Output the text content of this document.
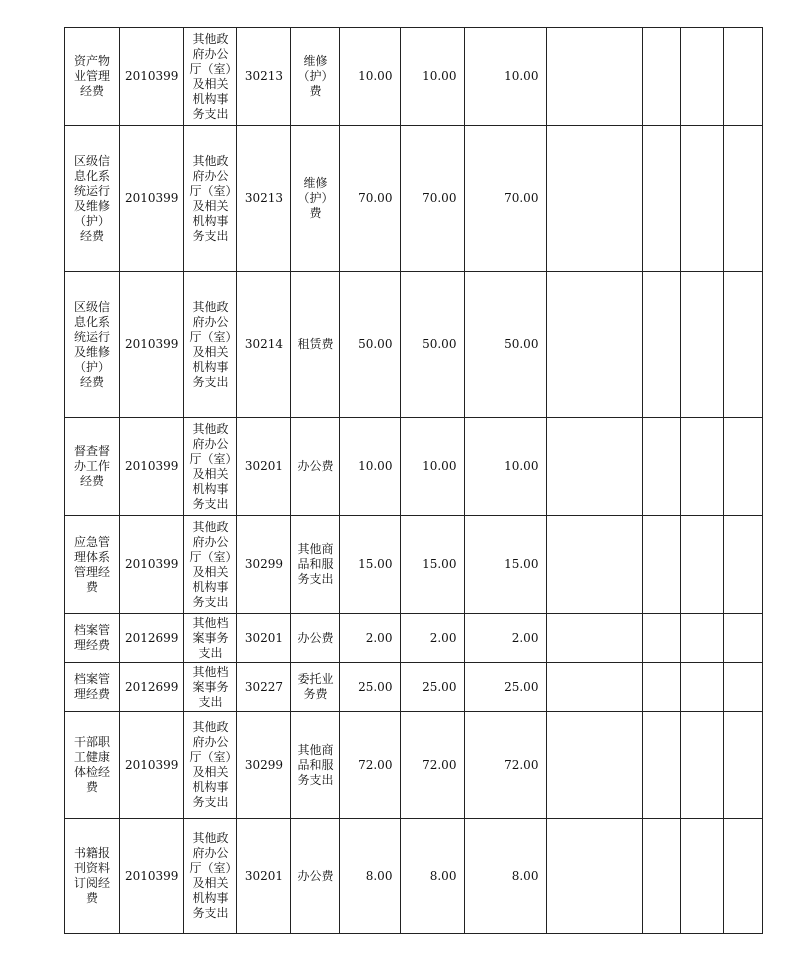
资产物业管理经费	2010399	其他政府办公厅（室）及相关机构事务支出	30213	维修（护）费	10.00	10.00	10.00				
区级信息化系统运行及维修（护）经费	2010399	其他政府办公厅（室）及相关机构事务支出	30213	维修（护）费	70.00	70.00	70.00				
区级信息化系统运行及维修（护）经费	2010399	其他政府办公厅（室）及相关机构事务支出	30214	租赁费	50.00	50.00	50.00				
督查督办工作经费	2010399	其他政府办公厅（室）及相关机构事务支出	30201	办公费	10.00	10.00	10.00				
应急管理体系管理经费	2010399	其他政府办公厅（室）及相关机构事务支出	30299	其他商品和服务支出	15.00	15.00	15.00				
档案管理经费	2012699	其他档案事务支出	30201	办公费	2.00	2.00	2.00				
档案管理经费	2012699	其他档案事务支出	30227	委托业务费	25.00	25.00	25.00				
干部职工健康体检经费	2010399	其他政府办公厅（室）及相关机构事务支出	30299	其他商品和服务支出	72.00	72.00	72.00				
书籍报刊资料订阅经费	2010399	其他政府办公厅（室）及相关机构事务支出	30201	办公费	8.00	8.00	8.00				
